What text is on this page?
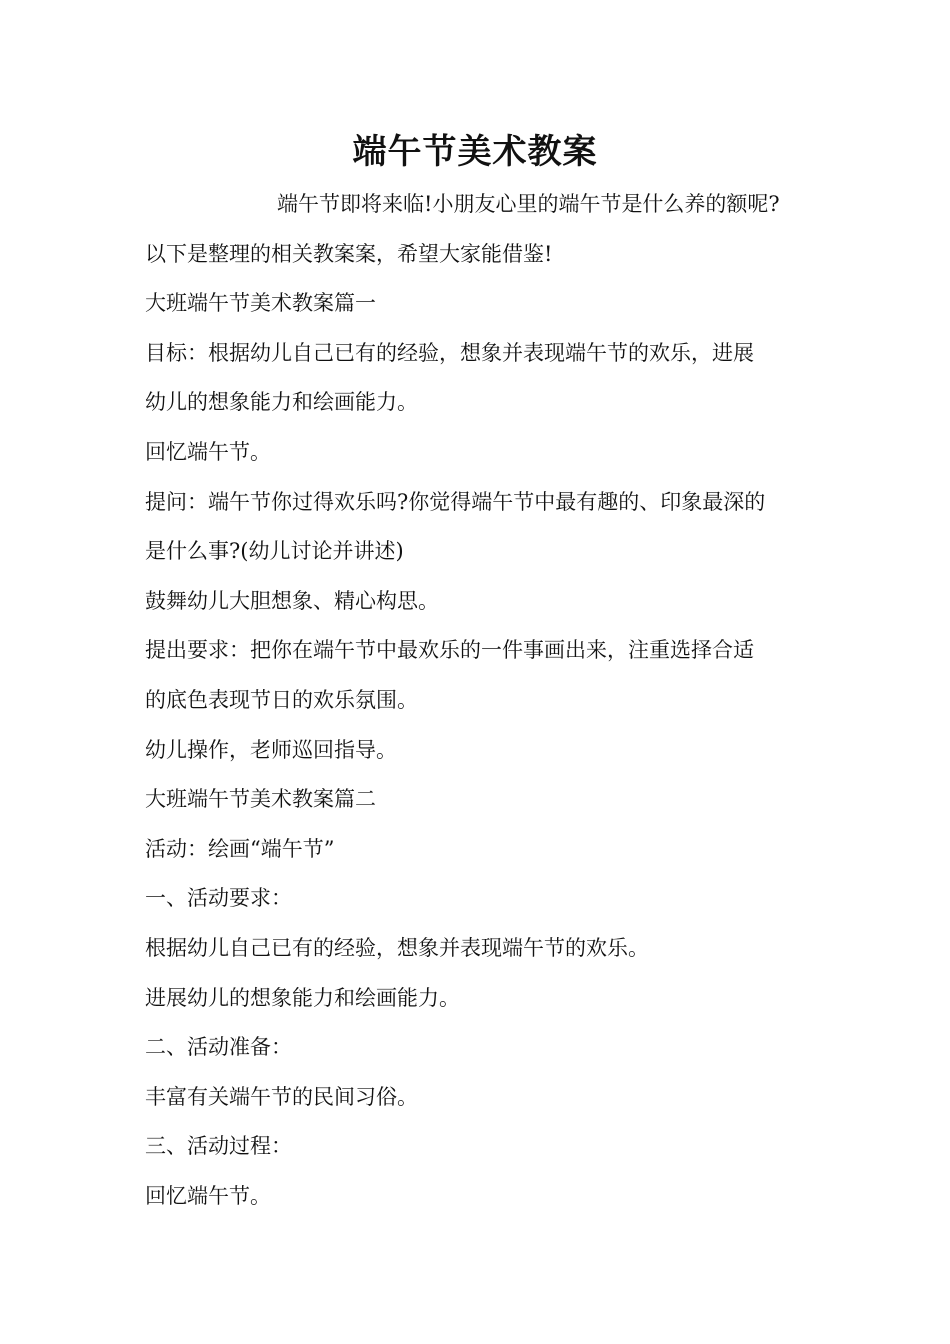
端午节美术教案
端午节即将来临!小朋友心里的端午节是什么养的额呢?
以下是整理的相关教案案，希望大家能借鉴!
大班端午节美术教案篇一
目标：根据幼儿自己已有的经验，想象并表现端午节的欢乐，进展
幼儿的想象能力和绘画能力。
回忆端午节。
提问：端午节你过得欢乐吗?你觉得端午节中最有趣的、印象最深的
是什么事?(幼儿讨论并讲述)
鼓舞幼儿大胆想象、精心构思。
提出要求：把你在端午节中最欢乐的一件事画出来，注重选择合适
的底色表现节日的欢乐氛围。
幼儿操作，老师巡回指导。
大班端午节美术教案篇二
活动：绘画“端午节”
一、活动要求：
根据幼儿自己已有的经验，想象并表现端午节的欢乐。
进展幼儿的想象能力和绘画能力。
二、活动准备：
丰富有关端午节的民间习俗。
三、活动过程：
回忆端午节。
